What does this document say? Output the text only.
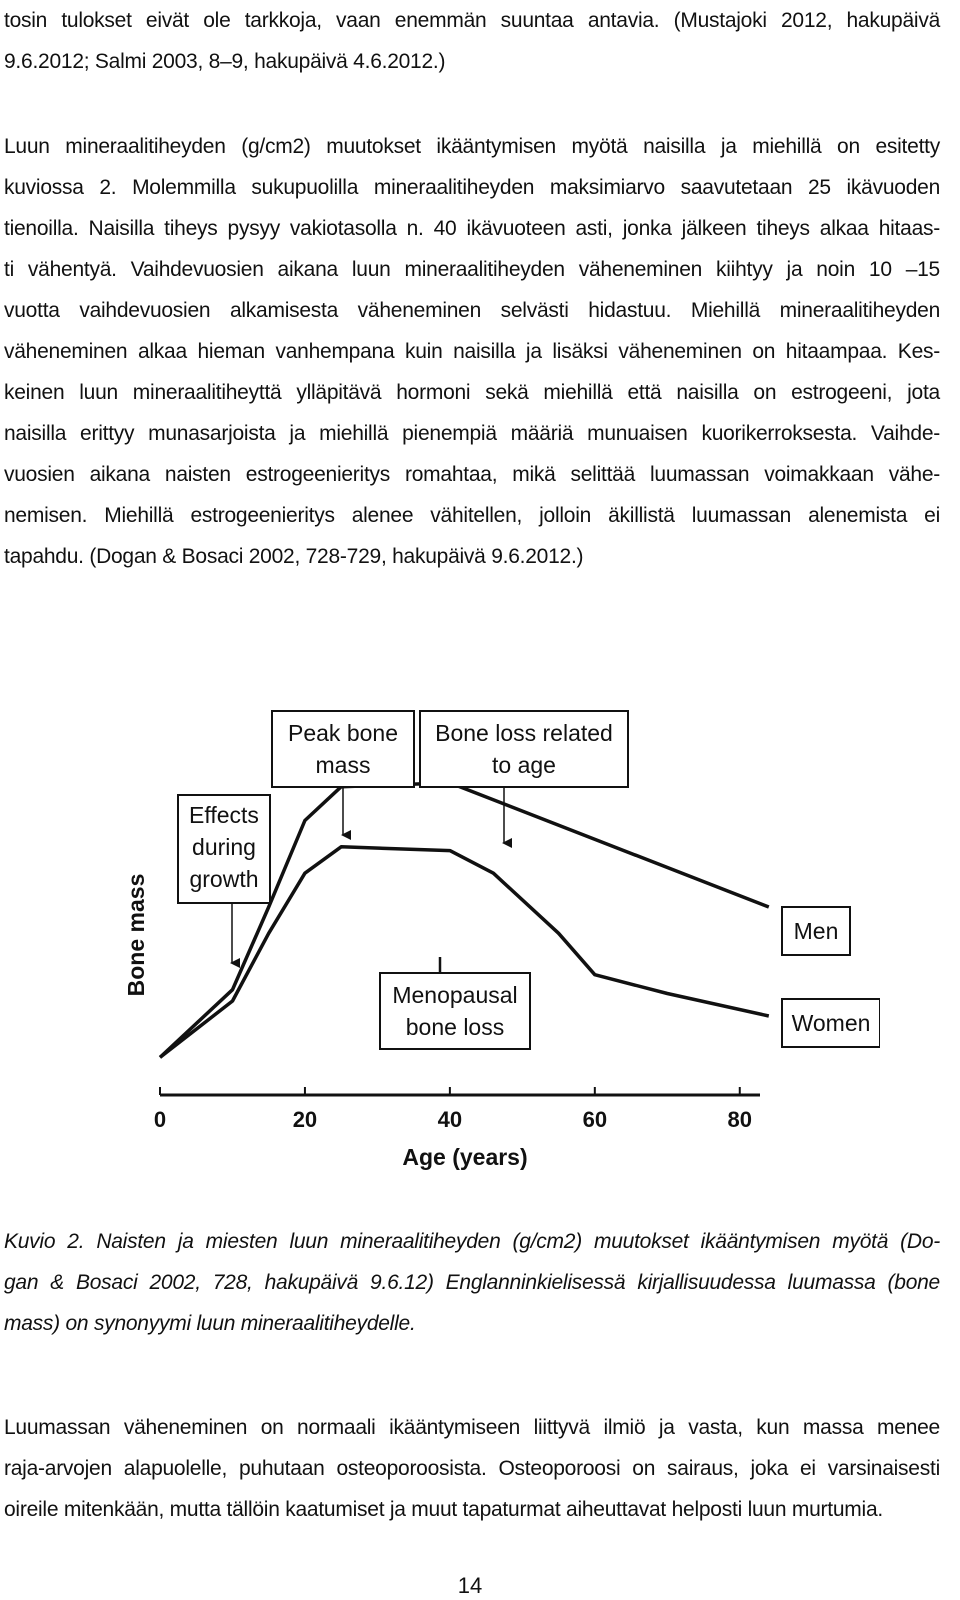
tosin tulokset eivät ole tarkkoja, vaan enemmän suuntaa antavia. (Mustajoki 2012, hakupäivä
9.6.2012; Salmi 2003, 8–9, hakupäivä 4.6.2012.)
Luun mineraalitiheyden (g/cm2) muutokset ikääntymisen myötä naisilla ja miehillä on esitetty
kuviossa 2. Molemmilla sukupuolilla mineraalitiheyden maksimiarvo saavutetaan 25 ikävuoden
tienoilla. Naisilla tiheys pysyy vakiotasolla n. 40 ikävuoteen asti, jonka jälkeen tiheys alkaa hitaas-
ti vähentyä. Vaihdevuosien aikana luun mineraalitiheyden väheneminen kiihtyy ja noin 10 –15
vuotta vaihdevuosien alkamisesta väheneminen selvästi hidastuu. Miehillä mineraalitiheyden
väheneminen alkaa hieman vanhempana kuin naisilla ja lisäksi väheneminen on hitaampaa. Kes-
keinen luun mineraalitiheyttä ylläpitävä hormoni sekä miehillä että naisilla on estrogeeni, jota
naisilla erittyy munasarjoista ja miehillä pienempiä määriä munuaisen kuorikerroksesta. Vaihde-
vuosien aikana naisten estrogeenieritys romahtaa, mikä selittää luumassan voimakkaan vähe-
nemisen. Miehillä estrogeenieritys alenee vähitellen, jolloin äkillistä luumassan alenemista ei
tapahdu. (Dogan & Bosaci 2002, 728-729, hakupäivä 9.6.2012.)
0	20	40	60	80
Age (years)
Bone mass
Peak bone
mass
Bone loss related
to age
Effects
during
growth
Menopausal
bone loss
Men
Women
Kuvio 2. Naisten ja miesten luun mineraalitiheyden (g/cm2) muutokset ikääntymisen myötä (Do-
gan & Bosaci 2002, 728, hakupäivä 9.6.12) Englanninkielisessä kirjallisuudessa luumassa (bone
mass) on synonyymi luun mineraalitiheydelle.
Luumassan väheneminen on normaali ikääntymiseen liittyvä ilmiö ja vasta, kun massa menee
raja-arvojen alapuolelle, puhutaan osteoporoosista. Osteoporoosi on sairaus, joka ei varsinaisesti
oireile mitenkään, mutta tällöin kaatumiset ja muut tapaturmat aiheuttavat helposti luun murtumia.
14
